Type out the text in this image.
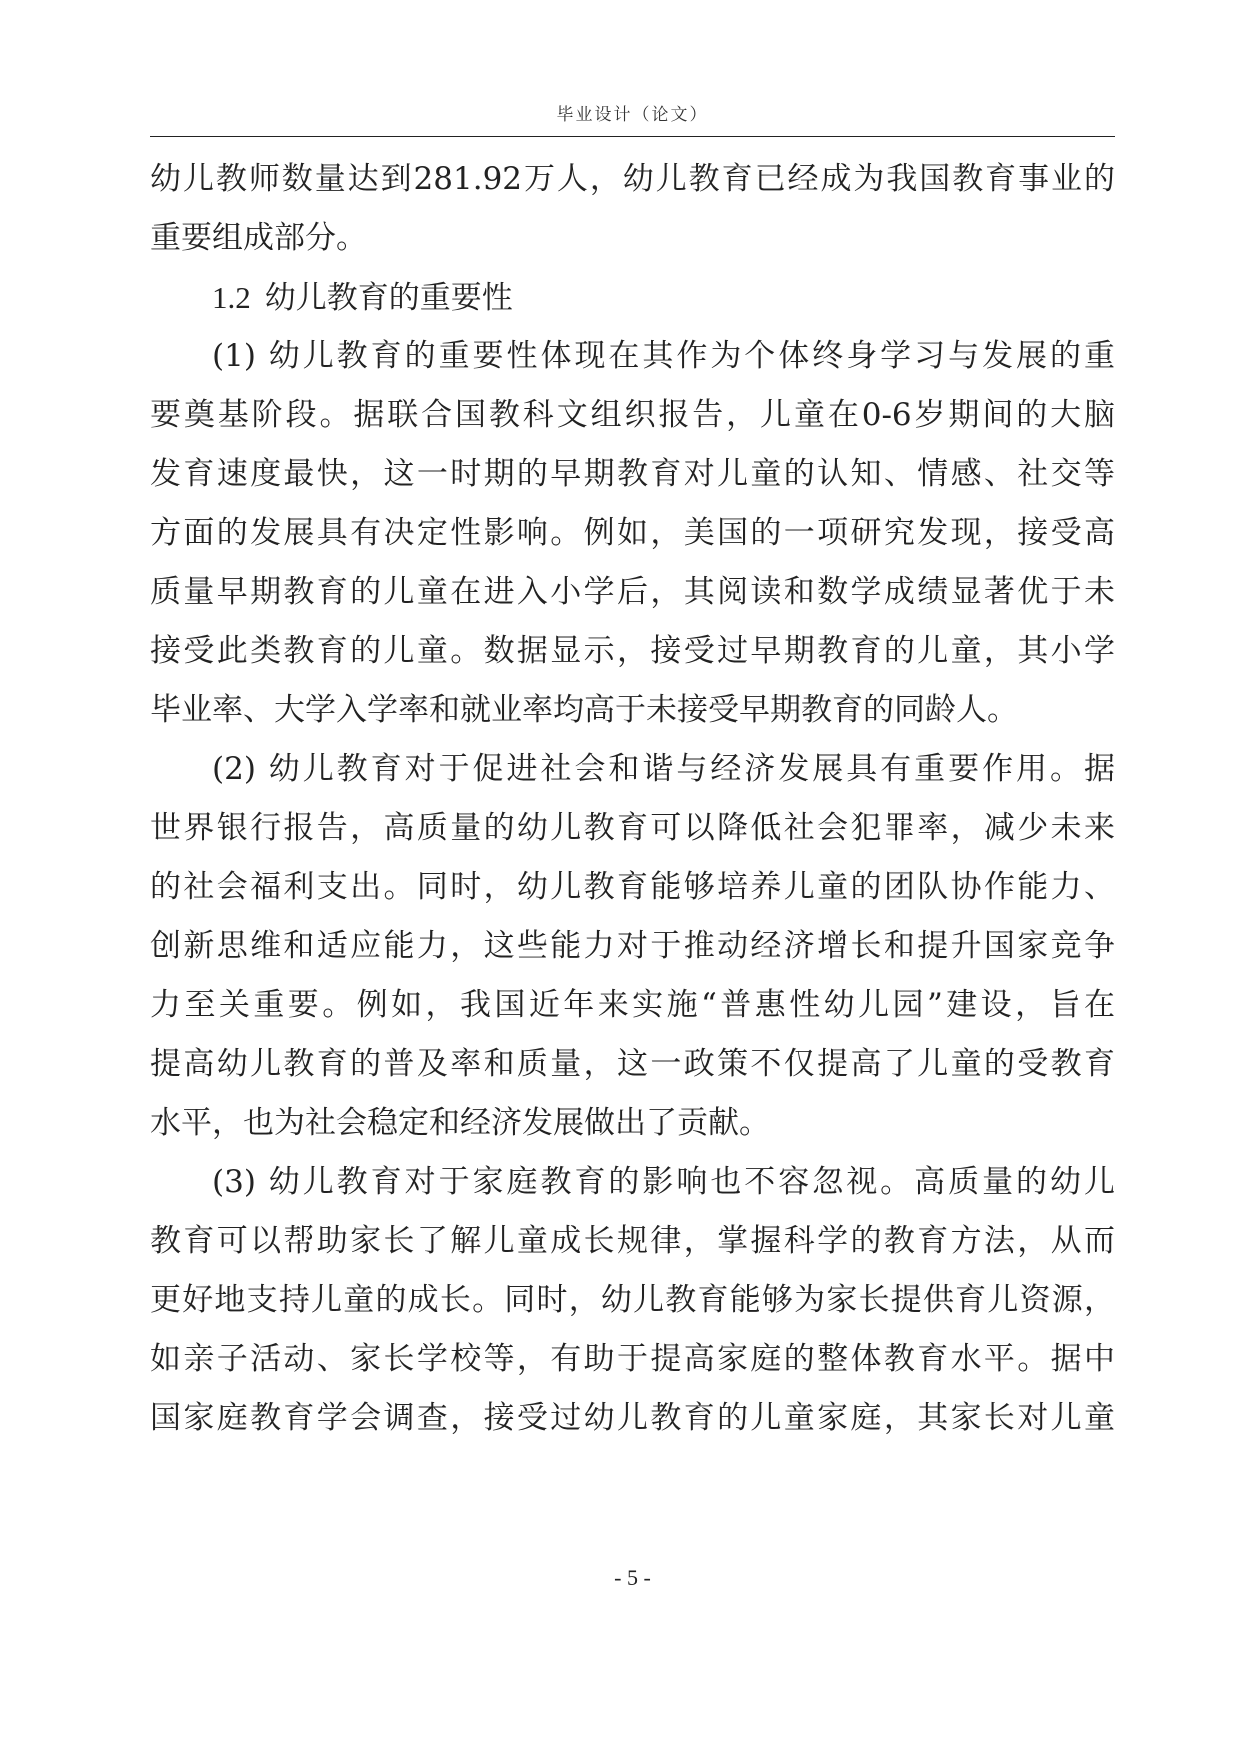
毕业设计（论文）
幼儿教师数量达到281.92万人，幼儿教育已经成为我国教育事业的
重要组成部分。
1.2 幼儿教育的重要性
(1) 幼儿教育的重要性体现在其作为个体终身学习与发展的重
要奠基阶段。据联合国教科文组织报告，儿童在0-6岁期间的大脑
发育速度最快，这一时期的早期教育对儿童的认知、情感、社交等
方面的发展具有决定性影响。例如，美国的一项研究发现，接受高
质量早期教育的儿童在进入小学后，其阅读和数学成绩显著优于未
接受此类教育的儿童。数据显示，接受过早期教育的儿童，其小学
毕业率、大学入学率和就业率均高于未接受早期教育的同龄人。
(2) 幼儿教育对于促进社会和谐与经济发展具有重要作用。据
世界银行报告，高质量的幼儿教育可以降低社会犯罪率，减少未来
的社会福利支出。同时，幼儿教育能够培养儿童的团队协作能力、
创新思维和适应能力，这些能力对于推动经济增长和提升国家竞争
力至关重要。例如，我国近年来实施“普惠性幼儿园”建设，旨在
提高幼儿教育的普及率和质量，这一政策不仅提高了儿童的受教育
水平，也为社会稳定和经济发展做出了贡献。
(3) 幼儿教育对于家庭教育的影响也不容忽视。高质量的幼儿
教育可以帮助家长了解儿童成长规律，掌握科学的教育方法，从而
更好地支持儿童的成长。同时，幼儿教育能够为家长提供育儿资源，
如亲子活动、家长学校等，有助于提高家庭的整体教育水平。据中
国家庭教育学会调查，接受过幼儿教育的儿童家庭，其家长对儿童
- 5 -
